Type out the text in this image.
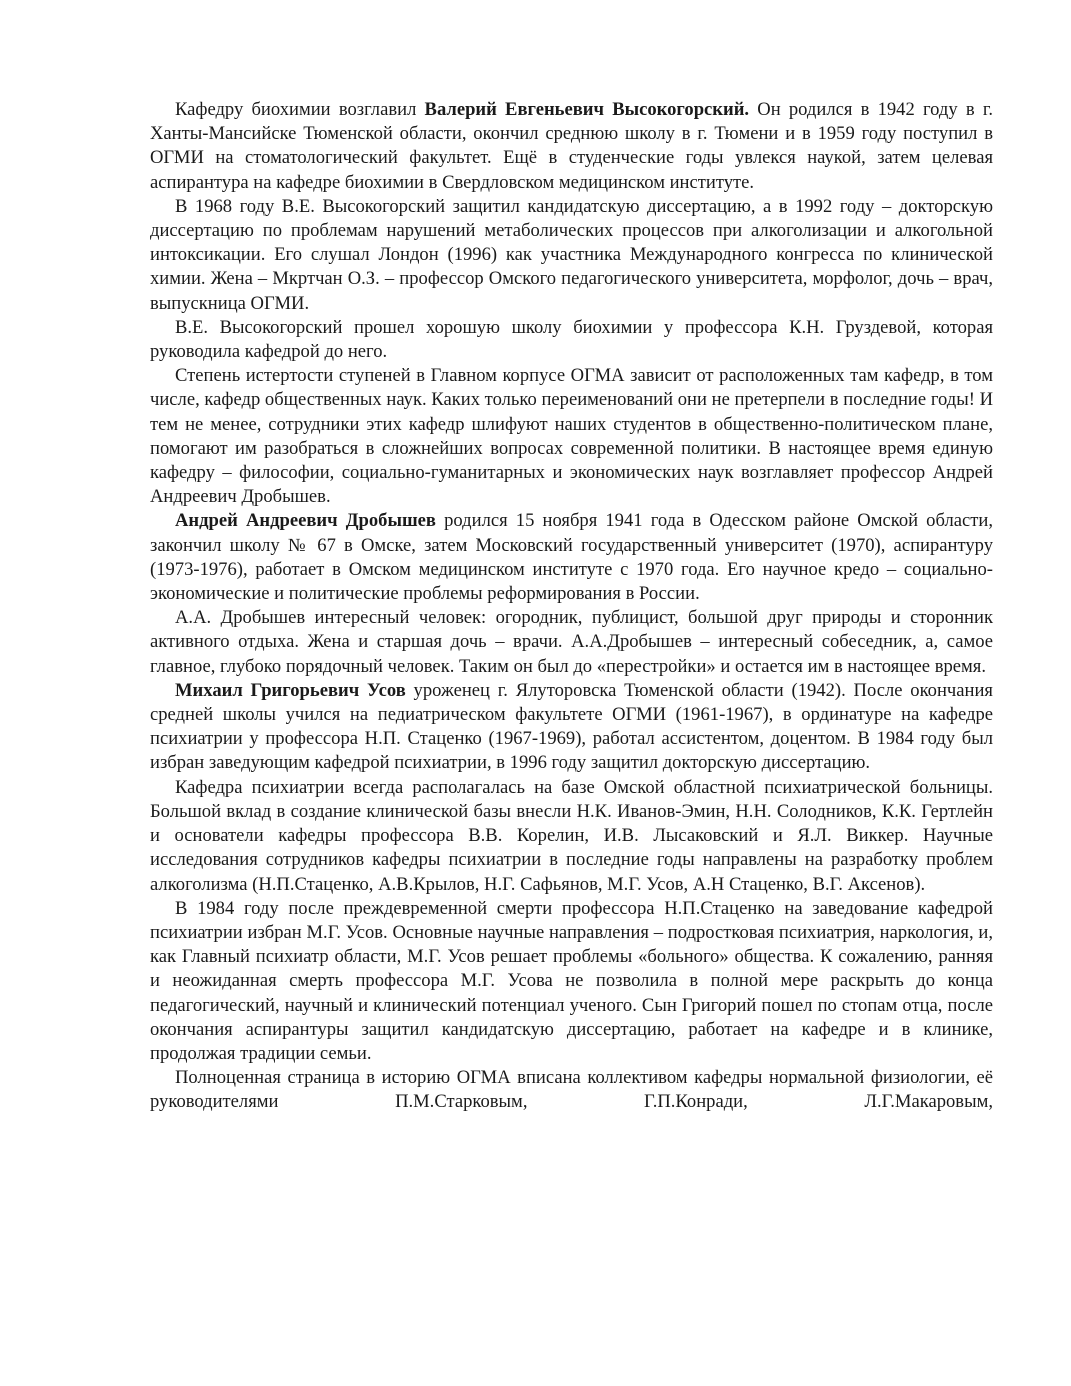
Кафедру биохимии возглавил Валерий Евгеньевич Высокогорский. Он родился в 1942 году в г. Ханты-Мансийске Тюменской области, окончил среднюю школу в г. Тюмени и в 1959 году поступил в ОГМИ на стоматологический факультет. Ещё в студенческие годы увлекся наукой, затем целевая аспирантура на кафедре биохимии в Свердловском медицинском институте.

В 1968 году В.Е. Высокогорский защитил кандидатскую диссертацию, а в 1992 году – докторскую диссертацию по проблемам нарушений метаболических процессов при алкоголизации и алкогольной интоксикации. Его слушал Лондон (1996) как участника Международного конгресса по клинической химии. Жена – Мкртчан О.З. – профессор Омского педагогического университета, морфолог, дочь – врач, выпускница ОГМИ.

В.Е. Высокогорский прошел хорошую школу биохимии у профессора К.Н. Груздевой, которая руководила кафедрой до него.

Степень истертости ступеней в Главном корпусе ОГМА зависит от расположенных там кафедр, в том числе, кафедр общественных наук. Каких только переименований они не претерпели в последние годы! И тем не менее, сотрудники этих кафедр шлифуют наших студентов в общественно-политическом плане, помогают им разобраться в сложнейших вопросах современной политики. В настоящее время единую кафедру – философии, социально-гуманитарных и экономических наук возглавляет профессор Андрей Андреевич Дробышев.

Андрей Андреевич Дробышев родился 15 ноября 1941 года в Одесском районе Омской области, закончил школу № 67 в Омске, затем Московский государственный университет (1970), аспирантуру (1973-1976), работает в Омском медицинском институте с 1970 года. Его научное кредо – социально-экономические и политические проблемы реформирования в России.

А.А. Дробышев интересный человек: огородник, публицист, большой друг природы и сторонник активного отдыха. Жена и старшая дочь – врачи. А.А.Дробышев – интересный собеседник, а, самое главное, глубоко порядочный человек. Таким он был до «перестройки» и остается им в настоящее время.

Михаил Григорьевич Усов уроженец г. Ялуторовска Тюменской области (1942). После окончания средней школы учился на педиатрическом факультете ОГМИ (1961-1967), в ординатуре на кафедре психиатрии у профессора Н.П. Стаценко (1967-1969), работал ассистентом, доцентом. В 1984 году был избран заведующим кафедрой психиатрии, в 1996 году защитил докторскую диссертацию.

Кафедра психиатрии всегда располагалась на базе Омской областной психиатрической больницы. Большой вклад в создание клинической базы внесли Н.К. Иванов-Эмин, Н.Н. Солодников, К.К. Гертлейн и основатели кафедры профессора В.В. Корелин, И.В. Лысаковский и Я.Л. Виккер. Научные исследования сотрудников кафедры психиатрии в последние годы направлены на разработку проблем алкоголизма (Н.П.Стаценко, А.В.Крылов, Н.Г. Сафьянов, М.Г. Усов, А.Н Стаценко, В.Г. Аксенов).

В 1984 году после преждевременной смерти профессора Н.П.Стаценко на заведование кафедрой психиатрии избран М.Г. Усов. Основные научные направления – подростковая психиатрия, наркология, и, как Главный психиатр области, М.Г. Усов решает проблемы «больного» общества. К сожалению, ранняя и неожиданная смерть профессора М.Г. Усова не позволила в полной мере раскрыть до конца педагогический, научный и клинический потенциал ученого. Сын Григорий пошел по стопам отца, после окончания аспирантуры защитил кандидатскую диссертацию, работает на кафедре и в клинике, продолжая традиции семьи.

Полноценная страница в историю ОГМА вписана коллективом кафедры нормальной физиологии, её руководителями П.М.Старковым, Г.П.Конради, Л.Г.Макаровым,
